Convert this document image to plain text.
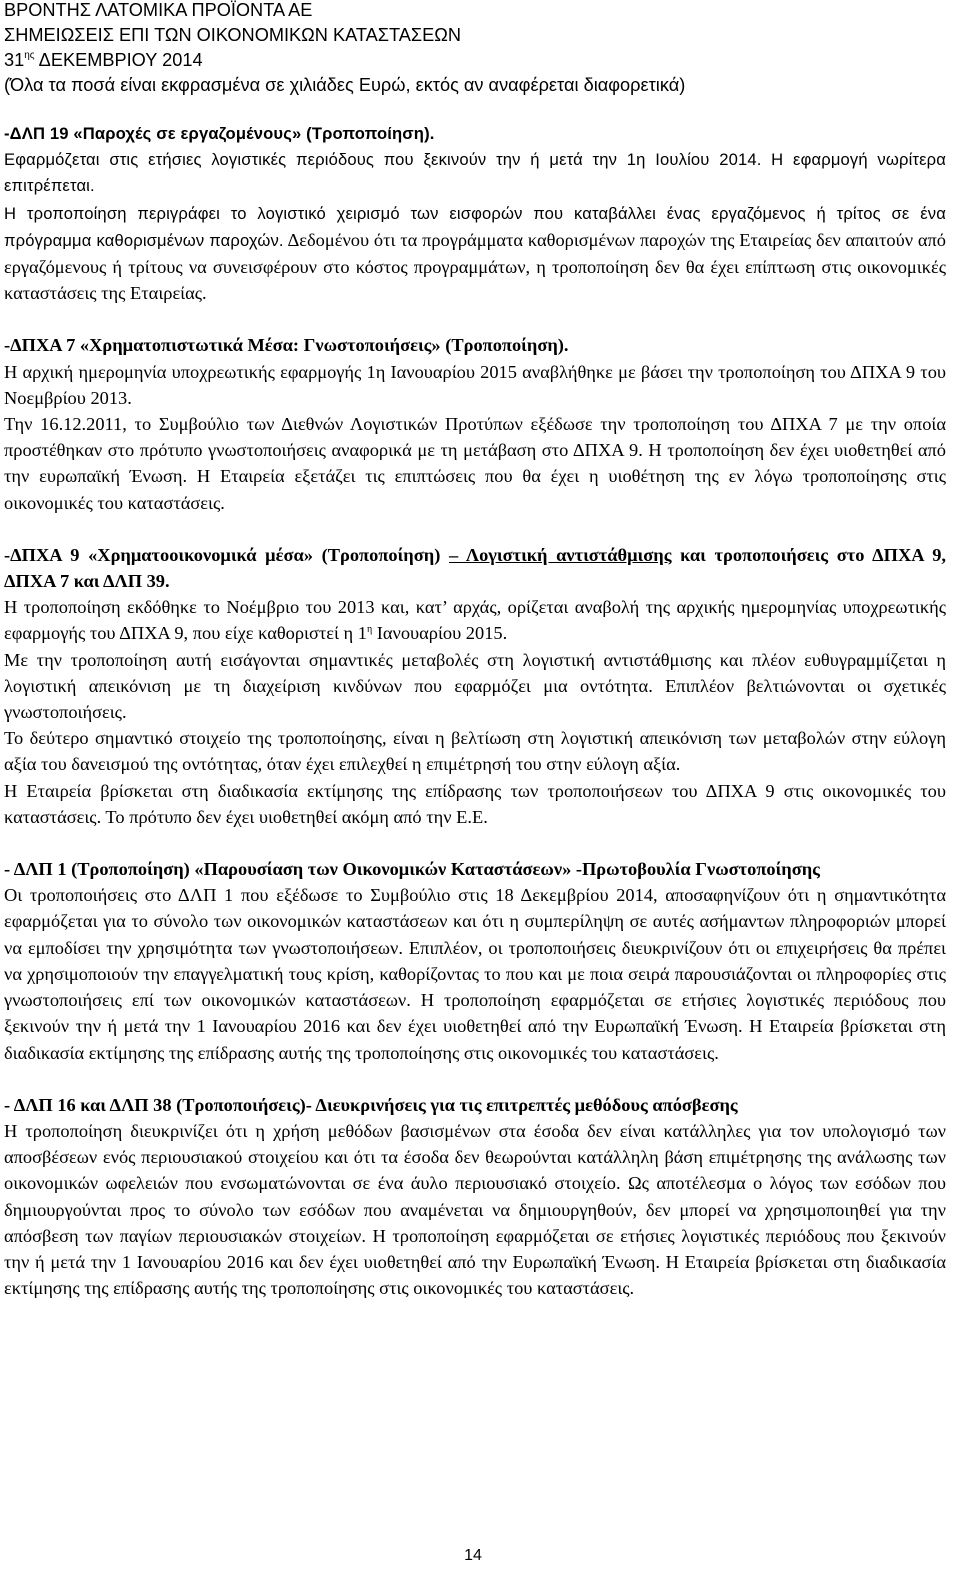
ΒΡΟΝΤΗΣ ΛΑΤΟΜΙΚΑ ΠΡΟΪΟΝΤΑ ΑΕ
ΣΗΜΕΙΩΣΕΙΣ ΕΠΙ ΤΩΝ ΟΙΚΟΝΟΜΙΚΩΝ ΚΑΤΑΣΤΑΣΕΩΝ
$31^{\eta\varsigma}$ ΔΕΚΕΜΒΡΙΟΥ 2014
(Όλα τα ποσά είναι εκφρασμένα σε χιλιάδες Ευρώ, εκτός αν αναφέρεται διαφορετικά)
-ΔΛΠ 19 «Παροχές σε εργαζομένους» (Τροποποίηση).
Εφαρμόζεται στις ετήσιες λογιστικές περιόδους που ξεκινούν την ή μετά την 1η Ιουλίου 2014. Η εφαρμογή νωρίτερα επιτρέπεται.
Η τροποποίηση περιγράφει το λογιστικό χειρισμό των εισφορών που καταβάλλει ένας εργαζόμενος ή τρίτος σε ένα πρόγραμμα καθορισμένων παροχών. Δεδομένου ότι τα προγράμματα καθορισμένων παροχών της Εταιρείας δεν απαιτούν από εργαζόμενους ή τρίτους να συνεισφέρουν στο κόστος προγραμμάτων, η τροποποίηση δεν θα έχει επίπτωση στις οικονομικές καταστάσεις της Εταιρείας.
-ΔΠΧΑ 7 «Χρηματοπιστωτικά Μέσα: Γνωστοποιήσεις» (Τροποποίηση).
Η αρχική ημερομηνία υποχρεωτικής εφαρμογής 1η Ιανουαρίου 2015 αναβλήθηκε με βάσει την τροποποίηση του ΔΠΧΑ 9 του Νοεμβρίου 2013.
Την 16.12.2011, το Συμβούλιο των Διεθνών Λογιστικών Προτύπων εξέδωσε την τροποποίηση του ΔΠΧΑ 7 με την οποία προστέθηκαν στο πρότυπο γνωστοποιήσεις αναφορικά με τη μετάβαση στο ΔΠΧΑ 9. Η τροποποίηση δεν έχει υιοθετηθεί από την ευρωπαϊκή Ένωση. Η Εταιρεία εξετάζει τις επιπτώσεις που θα έχει η υιοθέτηση της εν λόγω τροποποίησης στις οικονομικές του καταστάσεις.
-ΔΠΧΑ 9 «Χρηματοοικονομικά μέσα» (Τροποποίηση) – Λογιστική αντιστάθμισης και τροποποιήσεις στο ΔΠΧΑ 9, ΔΠΧΑ 7 και ΔΛΠ 39.
Η τροποποίηση εκδόθηκε το Νοέμβριο του 2013 και, κατ’ αρχάς, ορίζεται αναβολή της αρχικής ημερομηνίας υποχρεωτικής εφαρμογής του ΔΠΧΑ 9, που είχε καθοριστεί η $1^\eta$ Ιανουαρίου 2015.
Με την τροποποίηση αυτή εισάγονται σημαντικές μεταβολές στη λογιστική αντιστάθμισης και πλέον ευθυγραμμίζεται η λογιστική απεικόνιση με τη διαχείριση κινδύνων που εφαρμόζει μια οντότητα. Επιπλέον βελτιώνονται οι σχετικές γνωστοποιήσεις.
Το δεύτερο σημαντικό στοιχείο της τροποποίησης, είναι η βελτίωση στη λογιστική απεικόνιση των μεταβολών στην εύλογη αξία του δανεισμού της οντότητας, όταν έχει επιλεχθεί η επιμέτρησή του στην εύλογη αξία.
Η Εταιρεία βρίσκεται στη διαδικασία εκτίμησης της επίδρασης των τροποποιήσεων του ΔΠΧΑ 9 στις οικονομικές του καταστάσεις. Το πρότυπο δεν έχει υιοθετηθεί ακόμη από την Ε.Ε.
- ΔΛΠ 1 (Τροποποίηση) «Παρουσίαση των Οικονομικών Καταστάσεων» -Πρωτοβουλία Γνωστοποίησης
Οι τροποποιήσεις στο ΔΛΠ 1 που εξέδωσε το Συμβούλιο στις 18 Δεκεμβρίου 2014, αποσαφηνίζουν ότι η σημαντικότητα εφαρμόζεται για το σύνολο των οικονομικών καταστάσεων και ότι η συμπερίληψη σε αυτές ασήμαντων πληροφοριών μπορεί να εμποδίσει την χρησιμότητα των γνωστοποιήσεων. Επιπλέον, οι τροποποιήσεις διευκρινίζουν ότι οι επιχειρήσεις θα πρέπει να χρησιμοποιούν την επαγγελματική τους κρίση, καθορίζοντας το που και με ποια σειρά παρουσιάζονται οι πληροφορίες στις γνωστοποιήσεις επί των οικονομικών καταστάσεων. Η τροποποίηση εφαρμόζεται σε ετήσιες λογιστικές περιόδους που ξεκινούν την ή μετά την 1 Ιανουαρίου 2016 και δεν έχει υιοθετηθεί από την Ευρωπαϊκή Ένωση. Η Εταιρεία βρίσκεται στη διαδικασία εκτίμησης της επίδρασης αυτής της τροποποίησης στις οικονομικές του καταστάσεις.
- ΔΛΠ 16 και ΔΛΠ 38 (Τροποποιήσεις)- Διευκρινήσεις για τις επιτρεπτές μεθόδους απόσβεσης
Η τροποποίηση διευκρινίζει ότι η χρήση μεθόδων βασισμένων στα έσοδα δεν είναι κατάλληλες για τον υπολογισμό των αποσβέσεων ενός περιουσιακού στοιχείου και ότι τα έσοδα δεν θεωρούνται κατάλληλη βάση επιμέτρησης της ανάλωσης των οικονομικών ωφελειών που ενσωματώνονται σε ένα άυλο περιουσιακό στοιχείο. Ως αποτέλεσμα ο λόγος των εσόδων που δημιουργούνται προς το σύνολο των εσόδων που αναμένεται να δημιουργηθούν, δεν μπορεί να χρησιμοποιηθεί για την απόσβεση των παγίων περιουσιακών στοιχείων. Η τροποποίηση εφαρμόζεται σε ετήσιες λογιστικές περιόδους που ξεκινούν την ή μετά την 1 Ιανουαρίου 2016 και δεν έχει υιοθετηθεί από την Ευρωπαϊκή Ένωση. Η Εταιρεία βρίσκεται στη διαδικασία εκτίμησης της επίδρασης αυτής της τροποποίησης στις οικονομικές του καταστάσεις.
14
